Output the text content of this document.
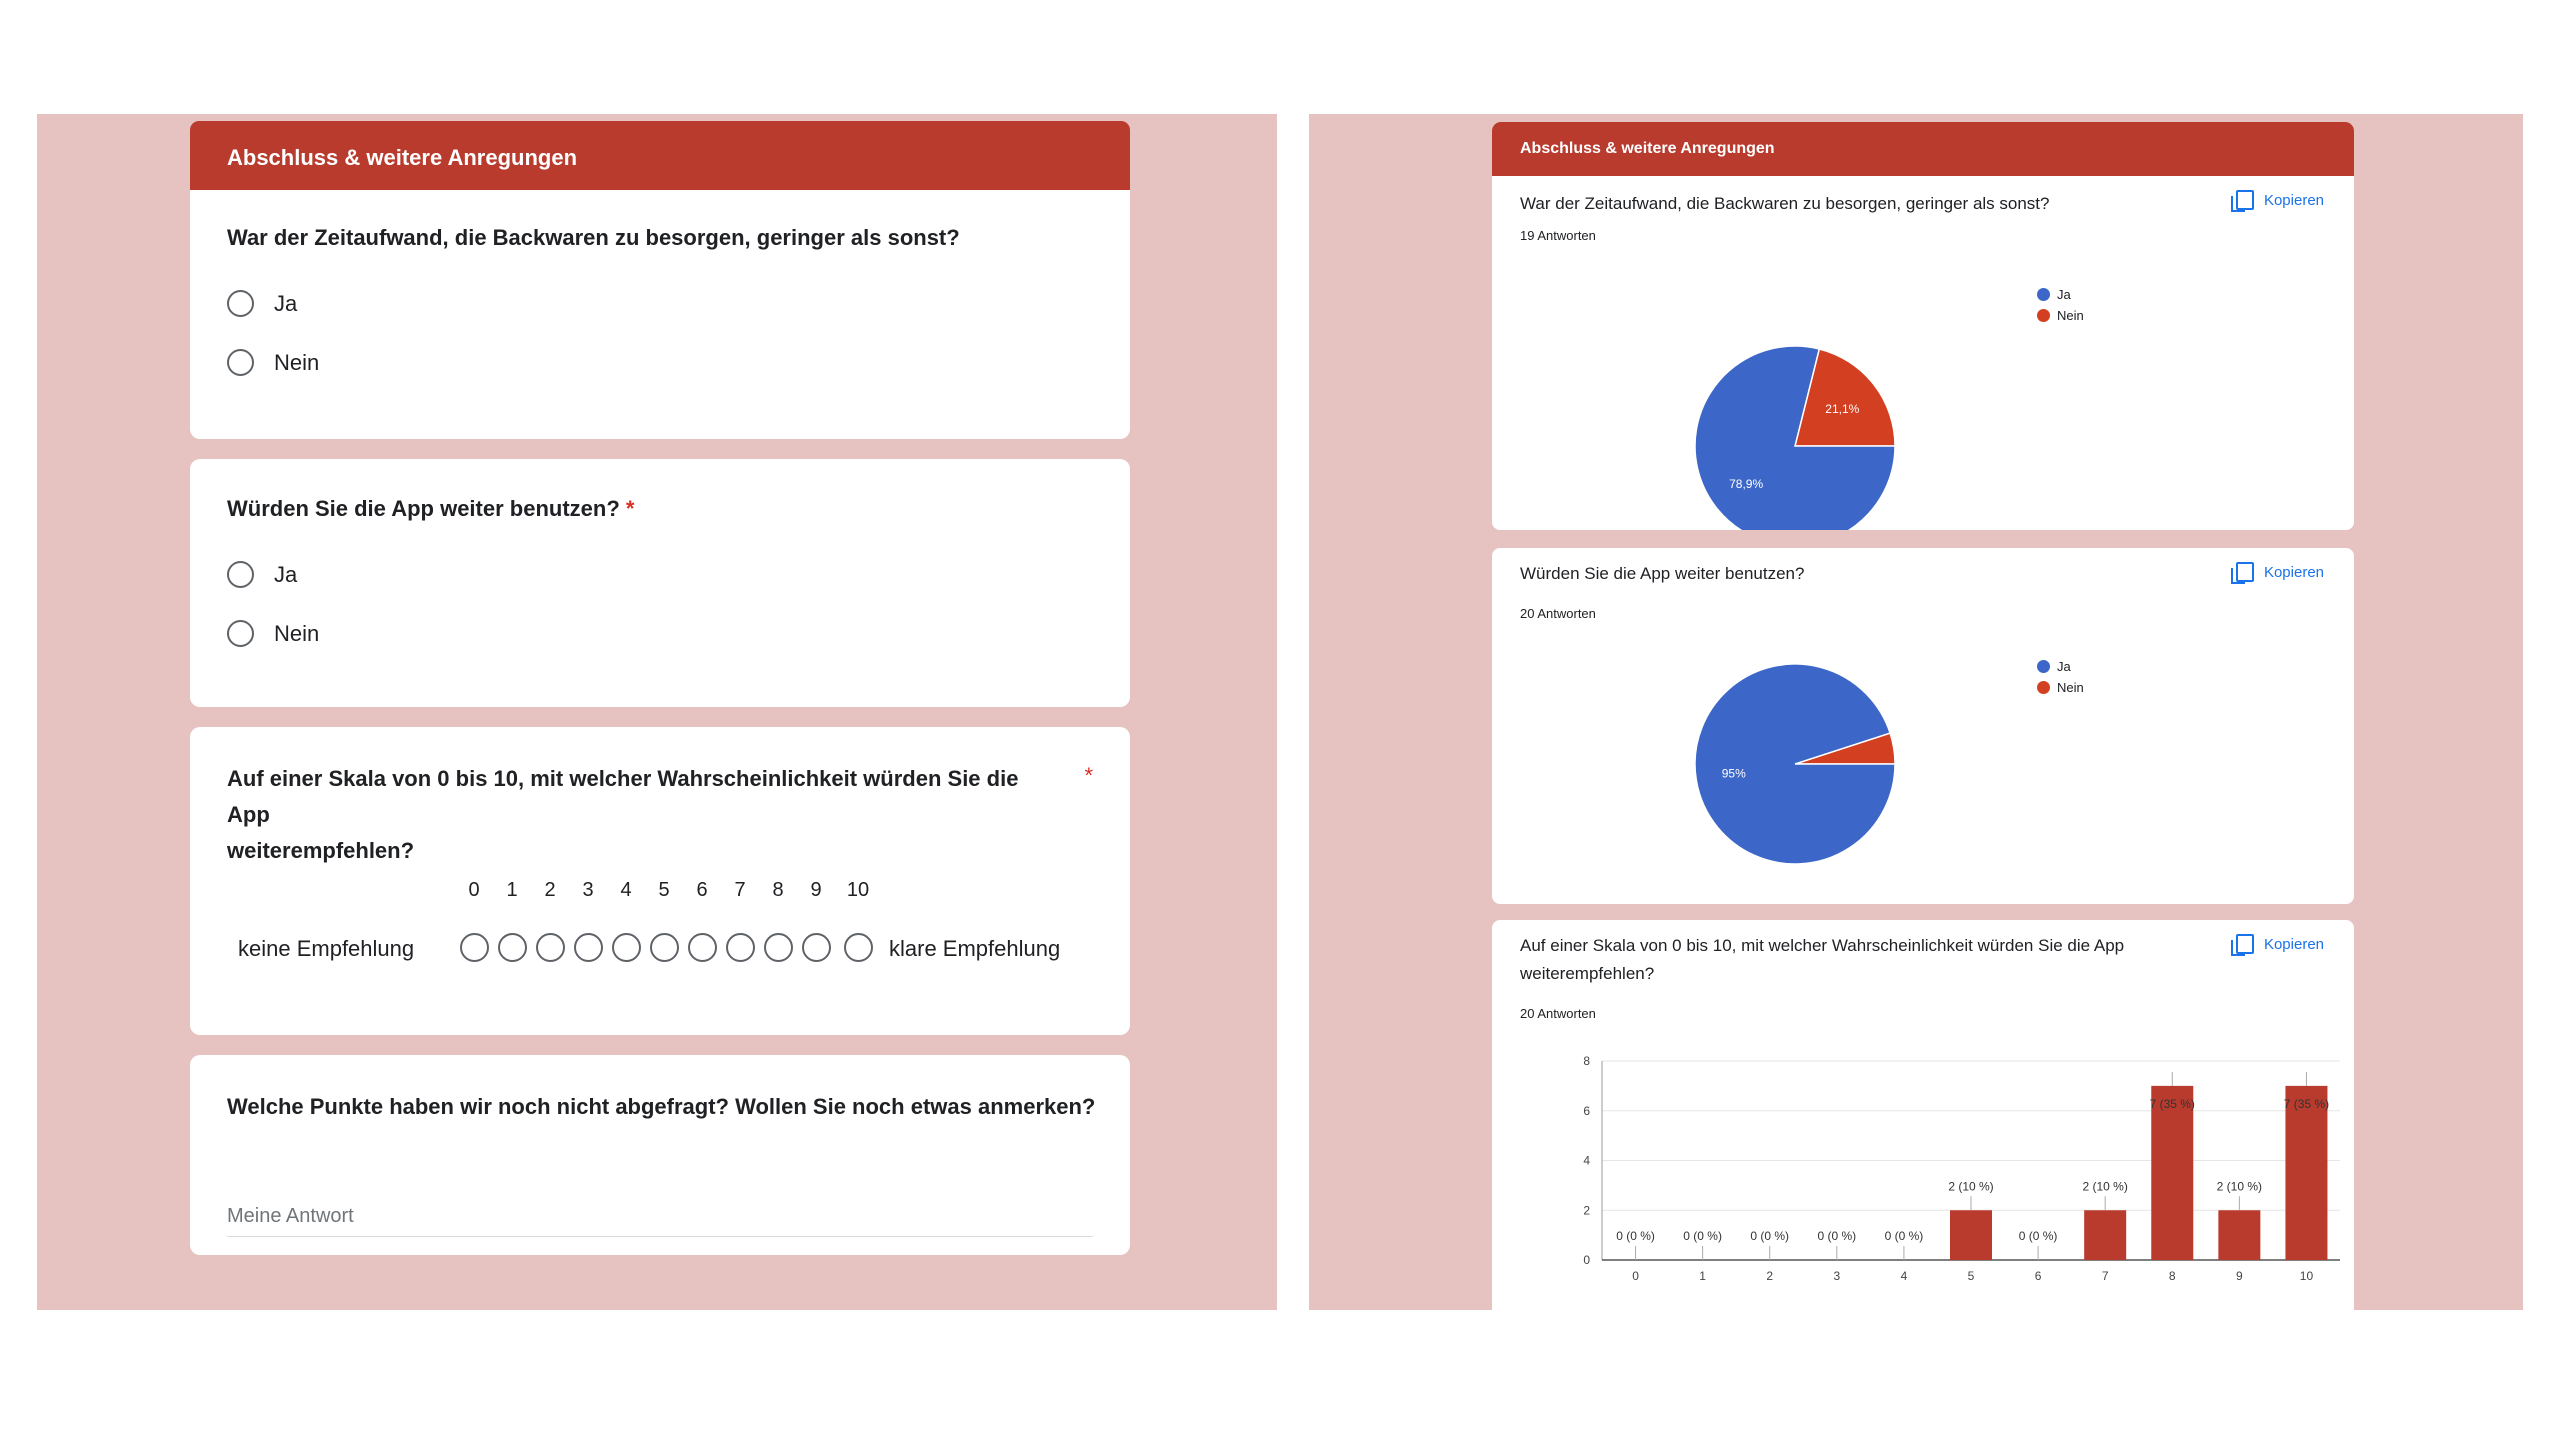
Abschluss & weitere Anregungen
War der Zeitaufwand, die Backwaren zu besorgen, geringer als sonst?
Ja
Nein
Würden Sie die App weiter benutzen? *
Ja
Nein
Auf einer Skala von 0 bis 10, mit welcher Wahrscheinlichkeit würden Sie die App
weiterempfehlen?
*
0	1	2	3	4	5	6	7	8	9	10
keine Empfehlung	klare Empfehlung
Welche Punkte haben wir noch nicht abgefragt? Wollen Sie noch etwas anmerken?
Meine Antwort
Abschluss & weitere Anregungen
War der Zeitaufwand, die Backwaren zu besorgen, geringer als sonst?
19 Antworten
Kopieren
21,1%
78,9%
Ja
Nein
Würden Sie die App weiter benutzen?
20 Antworten
Kopieren
95%
Ja
Nein
Auf einer Skala von 0 bis 10, mit welcher Wahrscheinlichkeit würden Sie die App
weiterempfehlen?
20 Antworten
Kopieren
0
2
4
6
8
0 (0 %)
0
0 (0 %)
1
0 (0 %)
2
0 (0 %)
3
0 (0 %)
4
2 (10 %)
5
0 (0 %)
6
2 (10 %)
7
7 (35 %)
8
2 (10 %)
9
7 (35 %)
10
